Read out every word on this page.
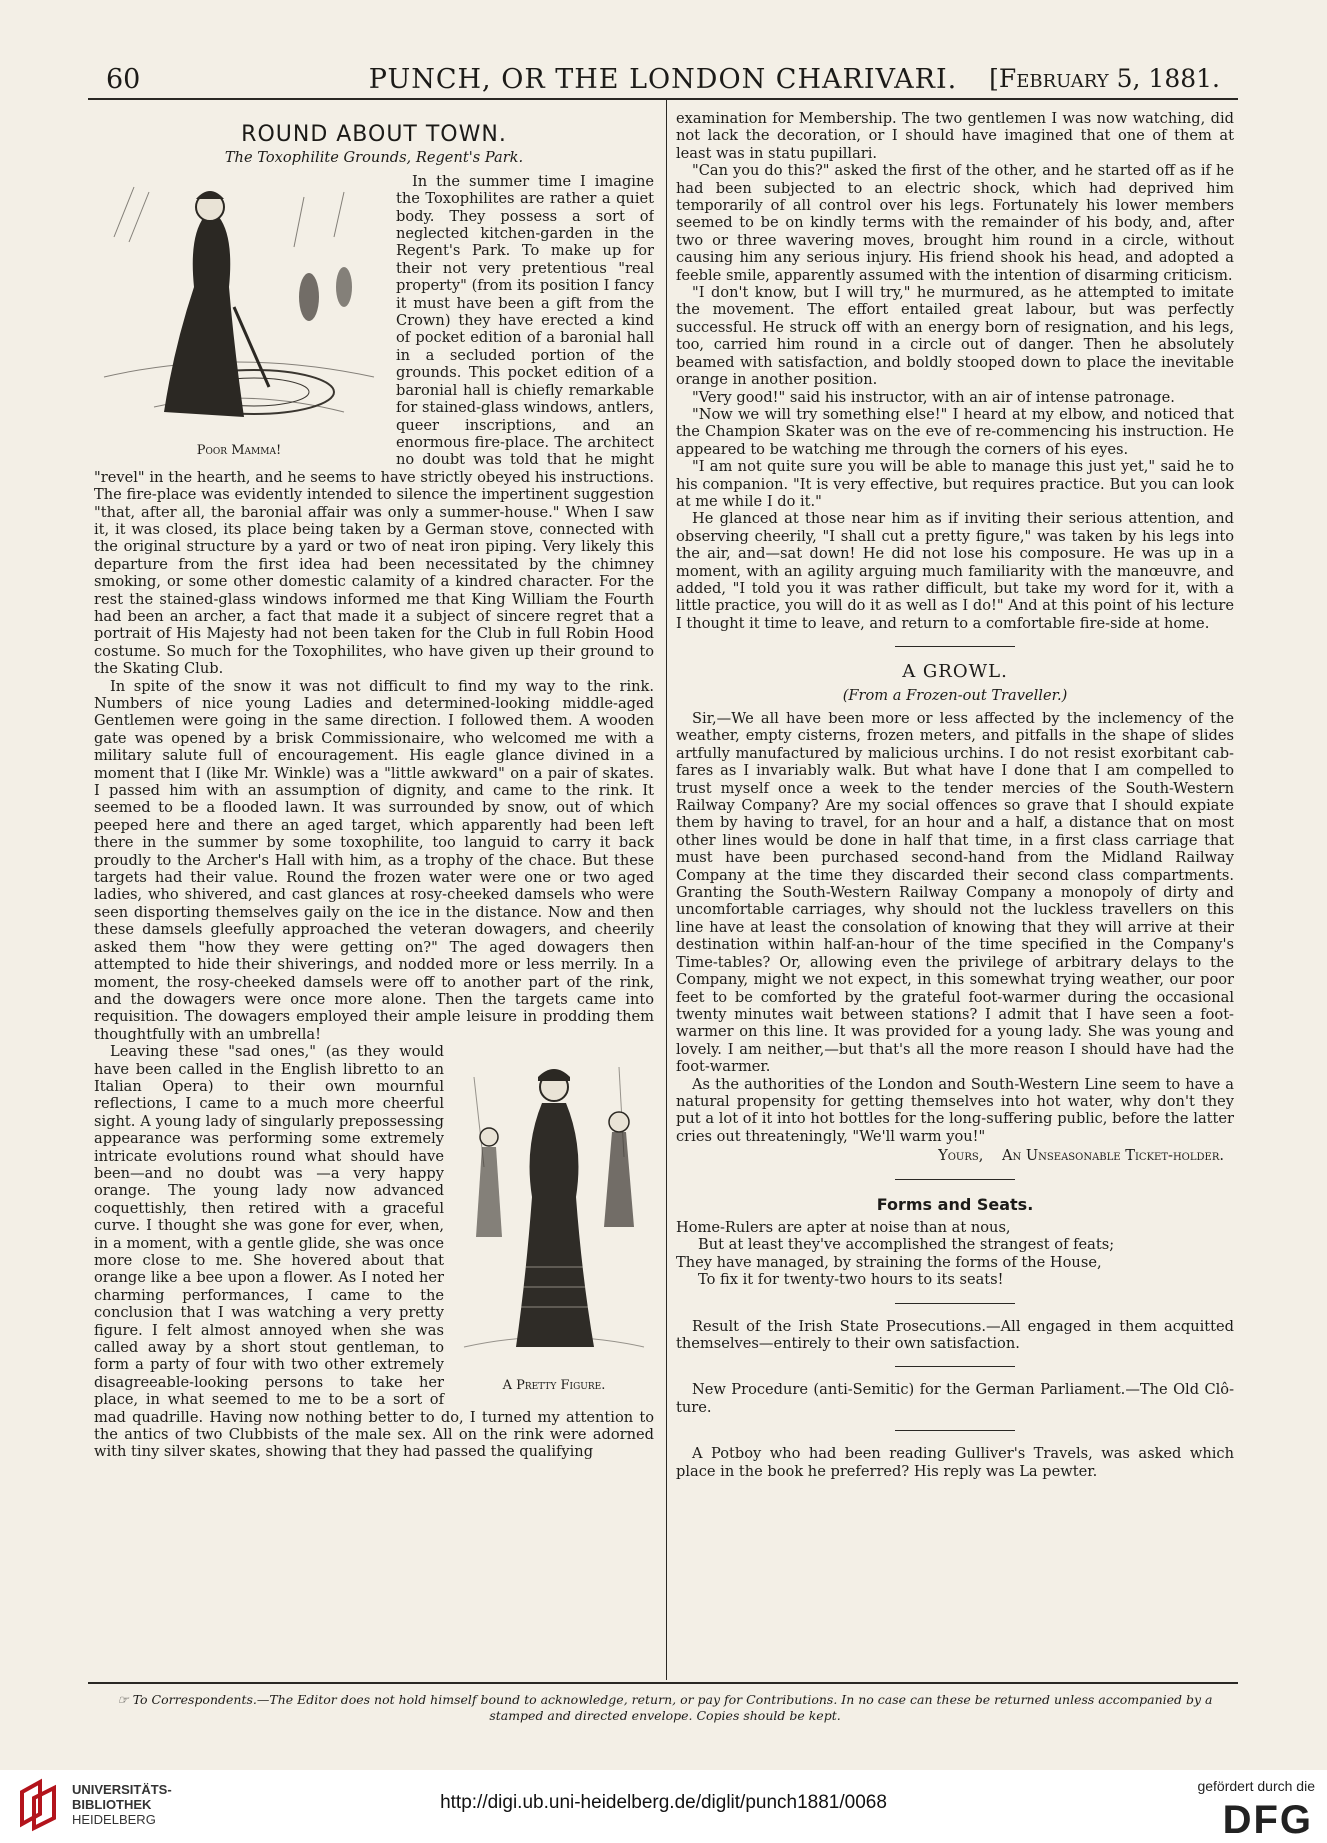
60	PUNCH, OR THE LONDON CHARIVARI.	[February 5, 1881.
ROUND ABOUT TOWN.
The Toxophilite Grounds, Regent's Park.
Poor Mamma!

In the summer time I imagine the Toxophilites are rather a quiet body. They possess a sort of neglected kitchen-garden in the Regent's Park. To make up for their not very pretentious "real property" (from its position I fancy it must have been a gift from the Crown) they have erected a kind of pocket edition of a baronial hall in a secluded portion of the grounds. This pocket edition of a baronial hall is chiefly remarkable for stained-glass windows, antlers, queer inscriptions, and an enormous fire-place. The architect no doubt was told that he might "revel" in the hearth, and he seems to have strictly obeyed his instructions. The fire-place was evidently intended to silence the impertinent suggestion "that, after all, the baronial affair was only a summer-house." When I saw it, it was closed, its place being taken by a German stove, connected with the original structure by a yard or two of neat iron piping. Very likely this departure from the first idea had been necessitated by the chimney smoking, or some other domestic calamity of a kindred character. For the rest the stained-glass windows informed me that King William the Fourth had been an archer, a fact that made it a subject of sincere regret that a portrait of His Majesty had not been taken for the Club in full Robin Hood costume. So much for the Toxophilites, who have given up their ground to the Skating Club.

In spite of the snow it was not difficult to find my way to the rink. Numbers of nice young Ladies and determined-looking middle-aged Gentlemen were going in the same direction. I followed them. A wooden gate was opened by a brisk Commissionaire, who welcomed me with a military salute full of encouragement. His eagle glance divined in a moment that I (like Mr. Winkle) was a "little awkward" on a pair of skates. I passed him with an assumption of dignity, and came to the rink. It seemed to be a flooded lawn. It was surrounded by snow, out of which peeped here and there an aged target, which apparently had been left there in the summer by some toxophilite, too languid to carry it back proudly to the Archer's Hall with him, as a trophy of the chace. But these targets had their value. Round the frozen water were one or two aged ladies, who shivered, and cast glances at rosy-cheeked damsels who were seen disporting themselves gaily on the ice in the distance. Now and then these damsels gleefully approached the veteran dowagers, and cheerily asked them "how they were getting on?" The aged dowagers then attempted to hide their shiverings, and nodded more or less merrily. In a moment, the rosy-cheeked damsels were off to another part of the rink, and the dowagers were once more alone. Then the targets came into requisition. The dowagers employed their ample leisure in prodding them thoughtfully with an umbrella!

A Pretty Figure.

Leaving these "sad ones," (as they would have been called in the English libretto to an Italian Opera) to their own mournful reflections, I came to a much more cheerful sight. A young lady of singularly prepossessing appearance was performing some extremely intricate evolutions round what should have been—and no doubt was —a very happy orange. The young lady now advanced coquettishly, then retired with a graceful curve. I thought she was gone for ever, when, in a moment, with a gentle glide, she was once more close to me. She hovered about that orange like a bee upon a flower. As I noted her charming performances, I came to the conclusion that I was watching a very pretty figure. I felt almost annoyed when she was called away by a short stout gentleman, to form a party of four with two other extremely disagreeable-looking persons to take her place, in what seemed to me to be a sort of mad quadrille. Having now nothing better to do, I turned my attention to the antics of two Clubbists of the male sex. All on the rink were adorned with tiny silver skates, showing that they had passed the qualifying

examination for Membership. The two gentlemen I was now watching, did not lack the decoration, or I should have imagined that one of them at least was in statu pupillari.

"Can you do this?" asked the first of the other, and he started off as if he had been subjected to an electric shock, which had deprived him temporarily of all control over his legs. Fortunately his lower members seemed to be on kindly terms with the remainder of his body, and, after two or three wavering moves, brought him round in a circle, without causing him any serious injury. His friend shook his head, and adopted a feeble smile, apparently assumed with the intention of disarming criticism.

"I don't know, but I will try," he murmured, as he attempted to imitate the movement. The effort entailed great labour, but was perfectly successful. He struck off with an energy born of resignation, and his legs, too, carried him round in a circle out of danger. Then he absolutely beamed with satisfaction, and boldly stooped down to place the inevitable orange in another position.

"Very good!" said his instructor, with an air of intense patronage.

"Now we will try something else!" I heard at my elbow, and noticed that the Champion Skater was on the eve of re-commencing his instruction. He appeared to be watching me through the corners of his eyes.

"I am not quite sure you will be able to manage this just yet," said he to his companion. "It is very effective, but requires practice. But you can look at me while I do it."

He glanced at those near him as if inviting their serious attention, and observing cheerily, "I shall cut a pretty figure," was taken by his legs into the air, and—sat down! He did not lose his composure. He was up in a moment, with an agility arguing much familiarity with the manœuvre, and added, "I told you it was rather difficult, but take my word for it, with a little practice, you will do it as well as I do!" And at this point of his lecture I thought it time to leave, and return to a comfortable fire-side at home.

A GROWL.
(From a Frozen-out Traveller.)

Sir,—We all have been more or less affected by the inclemency of the weather, empty cisterns, frozen meters, and pitfalls in the shape of slides artfully manufactured by malicious urchins. I do not resist exorbitant cab-fares as I invariably walk. But what have I done that I am compelled to trust myself once a week to the tender mercies of the South-Western Railway Company? Are my social offences so grave that I should expiate them by having to travel, for an hour and a half, a distance that on most other lines would be done in half that time, in a first class carriage that must have been purchased second-hand from the Midland Railway Company at the time they discarded their second class compartments. Granting the South-Western Railway Company a monopoly of dirty and uncomfortable carriages, why should not the luckless travellers on this line have at least the consolation of knowing that they will arrive at their destination within half-an-hour of the time specified in the Company's Time-tables? Or, allowing even the privilege of arbitrary delays to the Company, might we not expect, in this somewhat trying weather, our poor feet to be comforted by the grateful foot-warmer during the occasional twenty minutes wait between stations? I admit that I have seen a foot-warmer on this line. It was provided for a young lady. She was young and lovely. I am neither,—but that's all the more reason I should have had the foot-warmer.

As the authorities of the London and South-Western Line seem to have a natural propensity for getting themselves into hot water, why don't they put a lot of it into hot bottles for the long-suffering public, before the latter cries out threateningly, "We'll warm you!"

Yours, An Unseasonable Ticket-holder.
Forms and Seats.
Home-Rulers are apter at noise than at nous,
But at least they've accomplished the strangest of feats;
They have managed, by straining the forms of the House,
To fix it for twenty-two hours to its seats!

Result of the Irish State Prosecutions.—All engaged in them acquitted themselves—entirely to their own satisfaction.

New Procedure (anti-Semitic) for the German Parliament.—The Old Clô-ture.

A Potboy who had been reading Gulliver's Travels, was asked which place in the book he preferred? His reply was La pewter.

☞ To Correspondents.—The Editor does not hold himself bound to acknowledge, return, or pay for Contributions. In no case can these be returned unless accompanied by a
stamped and directed envelope. Copies should be kept.
UNIVERSITÄTS-
BIBLIOTHEK
HEIDELBERG
http://digi.ub.uni-heidelberg.de/diglit/punch1881/0068
gefördert durch die
DFG
